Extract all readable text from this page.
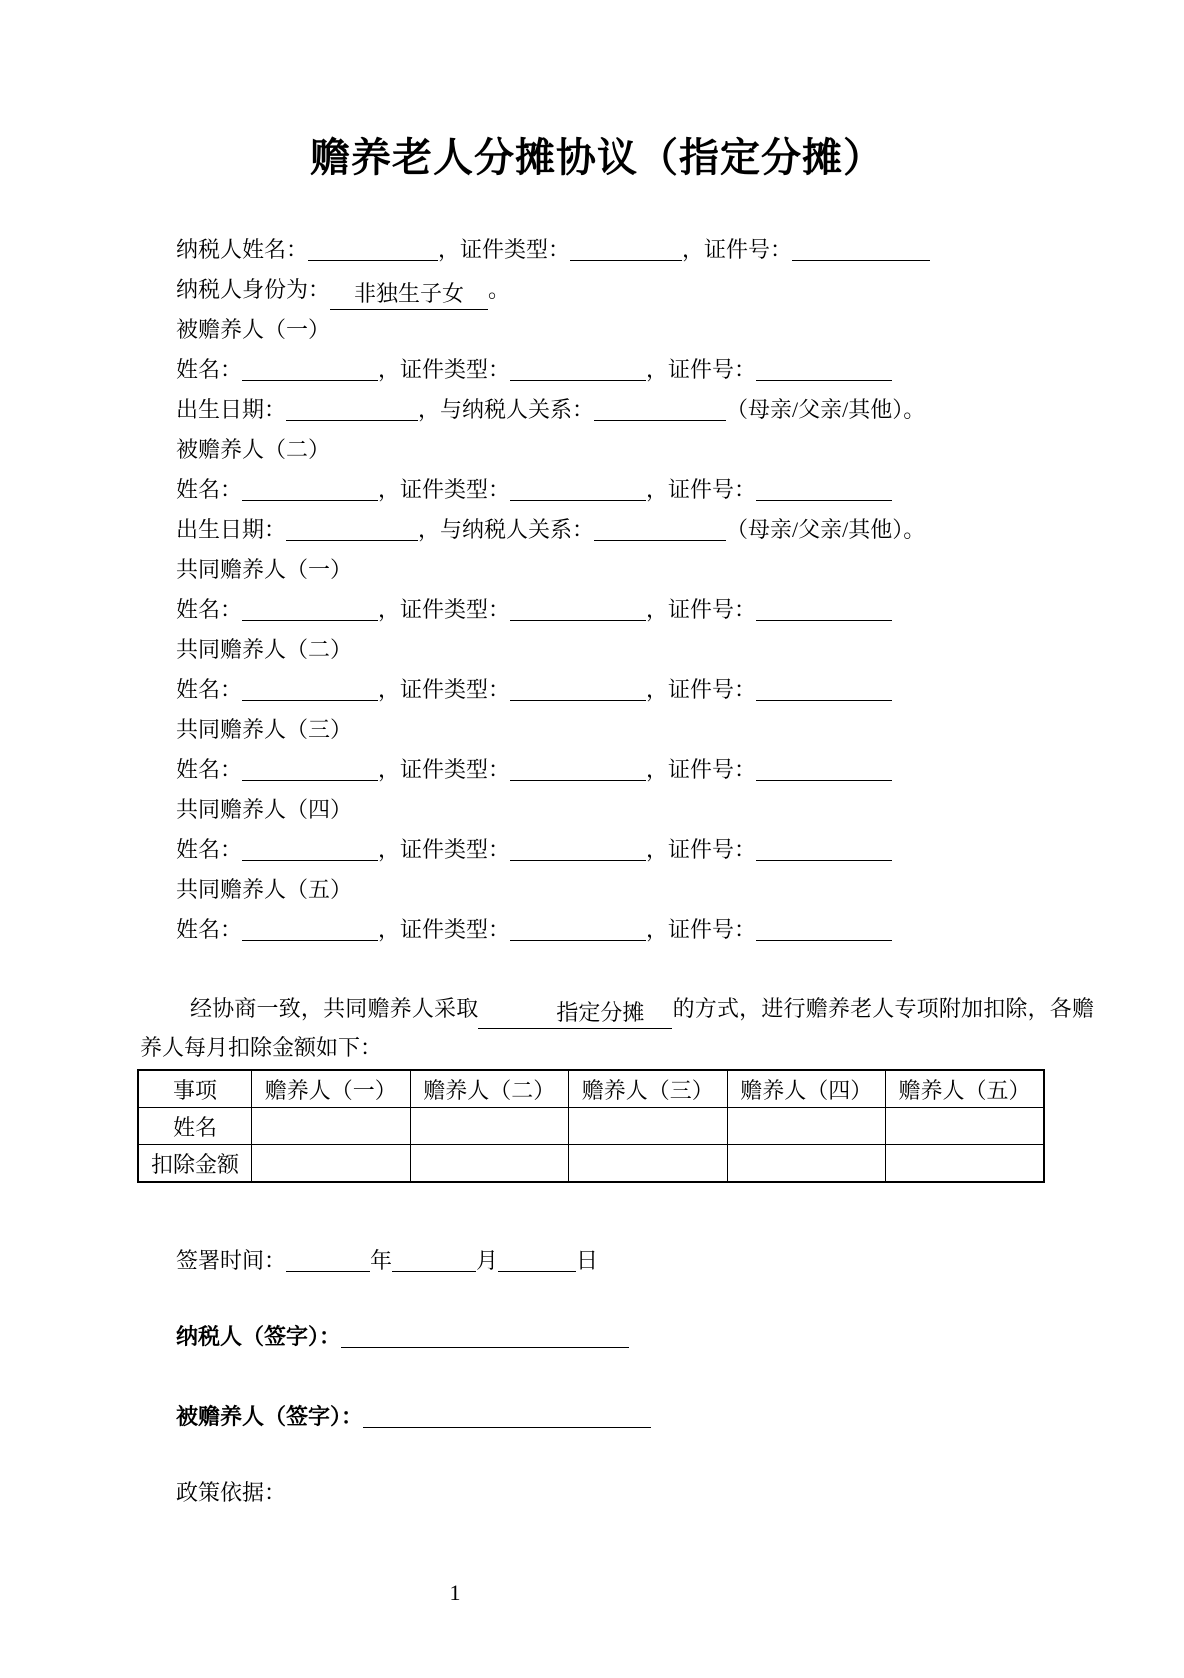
赡养老人分摊协议（指定分摊）
纳税人姓名：	，证件类型：	，证件号：
纳税人身份为： 非独生子女 。
被赡养人（一）
姓名：	，证件类型：	，证件号：
出生日期：	，与纳税人关系：	（母亲/父亲/其他）。
被赡养人（二）
姓名：	，证件类型：	，证件号：
出生日期：	，与纳税人关系：	（母亲/父亲/其他）。
共同赡养人（一）
姓名：	，证件类型：	，证件号：
共同赡养人（二）
姓名：	，证件类型：	，证件号：
共同赡养人（三）
姓名：	，证件类型：	，证件号：
共同赡养人（四）
姓名：	，证件类型：	，证件号：
共同赡养人（五）
姓名：	，证件类型：	，证件号：

经协商一致，共同赡养人采取	指定分摊 的方式，进行赡养老人专项附加扣除，各赡养人每月扣除金额如下：

事项	赡养人（一）	赡养人（二）	赡养人（三）	赡养人（四）	赡养人（五）
姓名					
扣除金额					
签署时间：	年	月	日
纳税人（签字）：
被赡养人（签字）：
政策依据：
1
